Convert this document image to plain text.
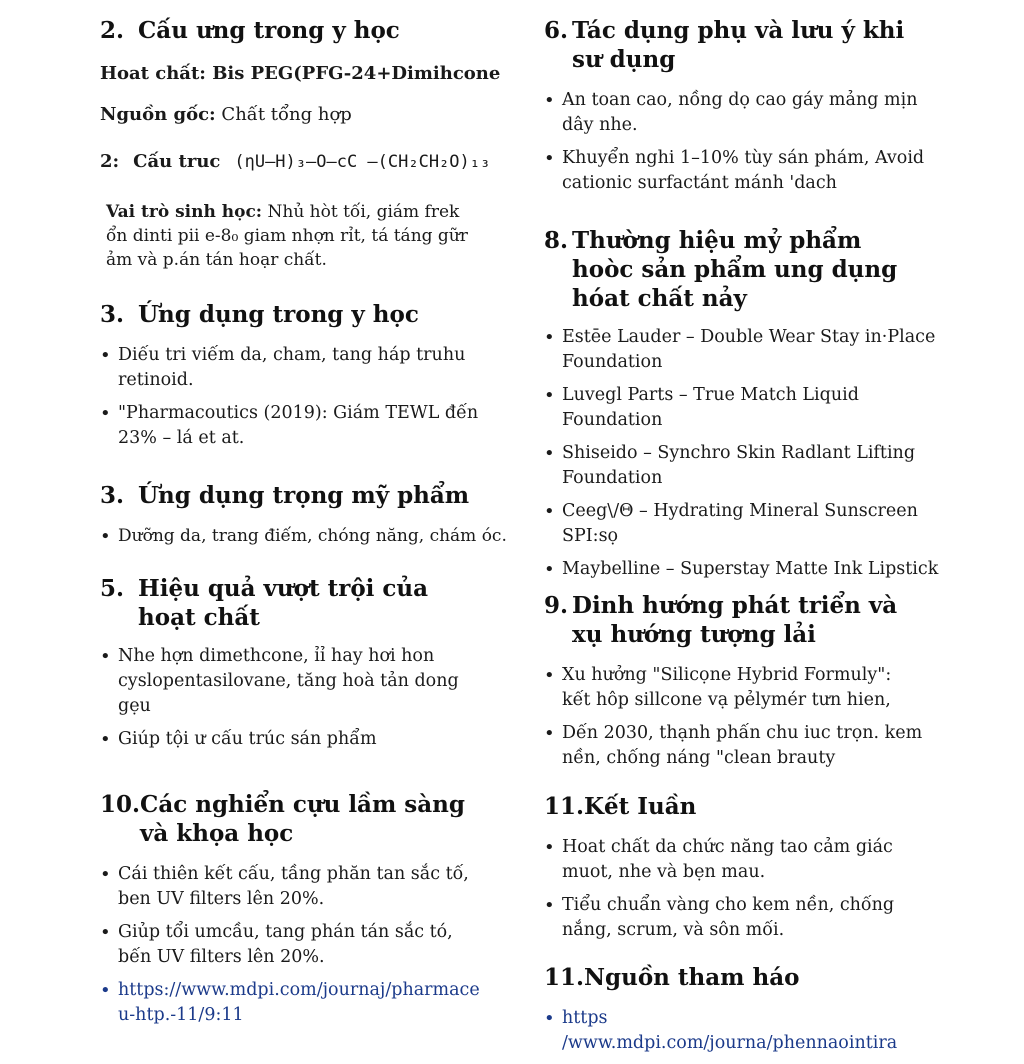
2. Cấu ưng trong y học
Hoat chất: Bis PEG(PFG-24+Dimihcone
Nguồn gốc: Chất tổng hợp
2: Cấu truc (ηU–H)₃–O—cC –(CH₂CH₂O)₁₃
Vai trò sinh học: Nhủ hòt tối, giám frek ổn dinti pii e-8₀ giam nhợn rỉt, tá táng gữr ảm và p.án tán hoạr chất.
3. Ứng dụng trong y học
• Diếu tri viếm da, cham, tang háp truhu retinoid.
• "Pharmacoutics (2019): Giám TEWL đến 23% – lá et at.
3. Ứng dụng trọng mỹ phẩm
• Dưỡng da, trang điếm, chóng năng, chám óc.
5. Hiệu quả vượt trội của hoạt chất
• Nhe hợn dimethcone, ỉỉ hay hơi hon cyslopentasilovane, tăng hoà tản dong gẹu
• Giúp tội ư cấu trúc sán phẩm
10. Các nghiển cựu lầm sàng và khọa học
• Cái thiên kết cấu, tầng phăn tan sắc tố, ben UV filters lên 20%.
• Giủp tổi umcầu, tang phán tán sắc tó, bến UV filters lên 20%.
• https://www.mdpi.com/journaj/pharmaceu-htp.-11/9:11
6. Tác dụng phụ và lưu ý khi sư dụng
• An toan cao, nồng dọ cao gáy mảng mịn dây nhe.
• Khuyển nghi 1–10% tùy sán phám, Avoid cationic surfactánt mánh 'dach
8. Thường hiệu mỷ phẩm hoòc sản phẩm ung dụng hóat chất nảy
• Estēe Lauder – Double Wear Stay in·Place Foundation
• Luvegl Parts – True Match Liquid Foundation
• Shiseido – Synchro Skin Radlant Lifting Foundation
• Ceeg\/Θ – Hydrating Mineral Sunscreen SPI:sọ
• Maybelline – Superstay Matte Ink Lipstick
9. Dinh hướng phát triển và xụ hướng tượng lải
• Xu hưởng "Silicọne Hybrid Formuly": kết hôp sillcone vạ pẻlymér tưn hien,
• Dến 2030, thạnh phấn chu iuc trọn. kem nền, chống náng "clean brauty
11. Kết Iuần
• Hoat chất da chức năng tao cảm giác muot, nhe và bẹn mau.
• Tiểu chuẩn vàng cho kem nền, chống nắng, scrum, và sôn mối.
11. Nguồn tham háo
• https /www.mdpi.com/journa/phennaointira
